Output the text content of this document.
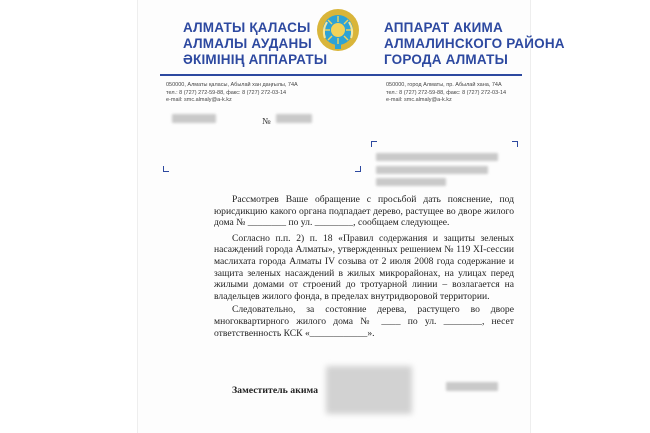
АЛМАТЫ ҚАЛАСЫ
АЛМАЛЫ АУДАНЫ
ӘКІМІНІҢ АППАРАТЫ
АППАРАТ АКИМА
АЛМАЛИНСКОГО РАЙОНА
ГОРОДА АЛМАТЫ
050000, Алматы қаласы, Абылай хан даңғылы, 74А
тел.: 8 (727) 272-59-88, факс: 8 (727) 272-03-14
e-mail: smc.almaly@a-k.kz
050000, город Алматы, пр. Абылай хана, 74А
тел.: 8 (727) 272-59-88, факс: 8 (727) 272-03-14
e-mail: smc.almaly@a-k.kz
№

Рассмотрев Ваше обращение с просьбой дать пояснение, под юрисдикцию какого органа подпадает дерево, растущее во дворе жилого дома № ________ по ул. ________, сообщаем следующее.

Согласно п.п. 2) п. 18 «Правил содержания и защиты зеленых насаждений города Алматы», утвержденных решением № 119 XI-сессии маслихата города Алматы IV созыва от 2 июля 2008 года содержание и защита зеленых насаждений в жилых микрорайонах, на улицах перед жилыми домами от строений до тротуарной линии – возлагается на владельцев жилого фонда, в пределах внутридворовой территории.

Следовательно, за состояние дерева, растущего во дворе многоквартирного жилого дома № ____ по ул. ________, несет ответственность КСК «____________».

Заместитель акима
